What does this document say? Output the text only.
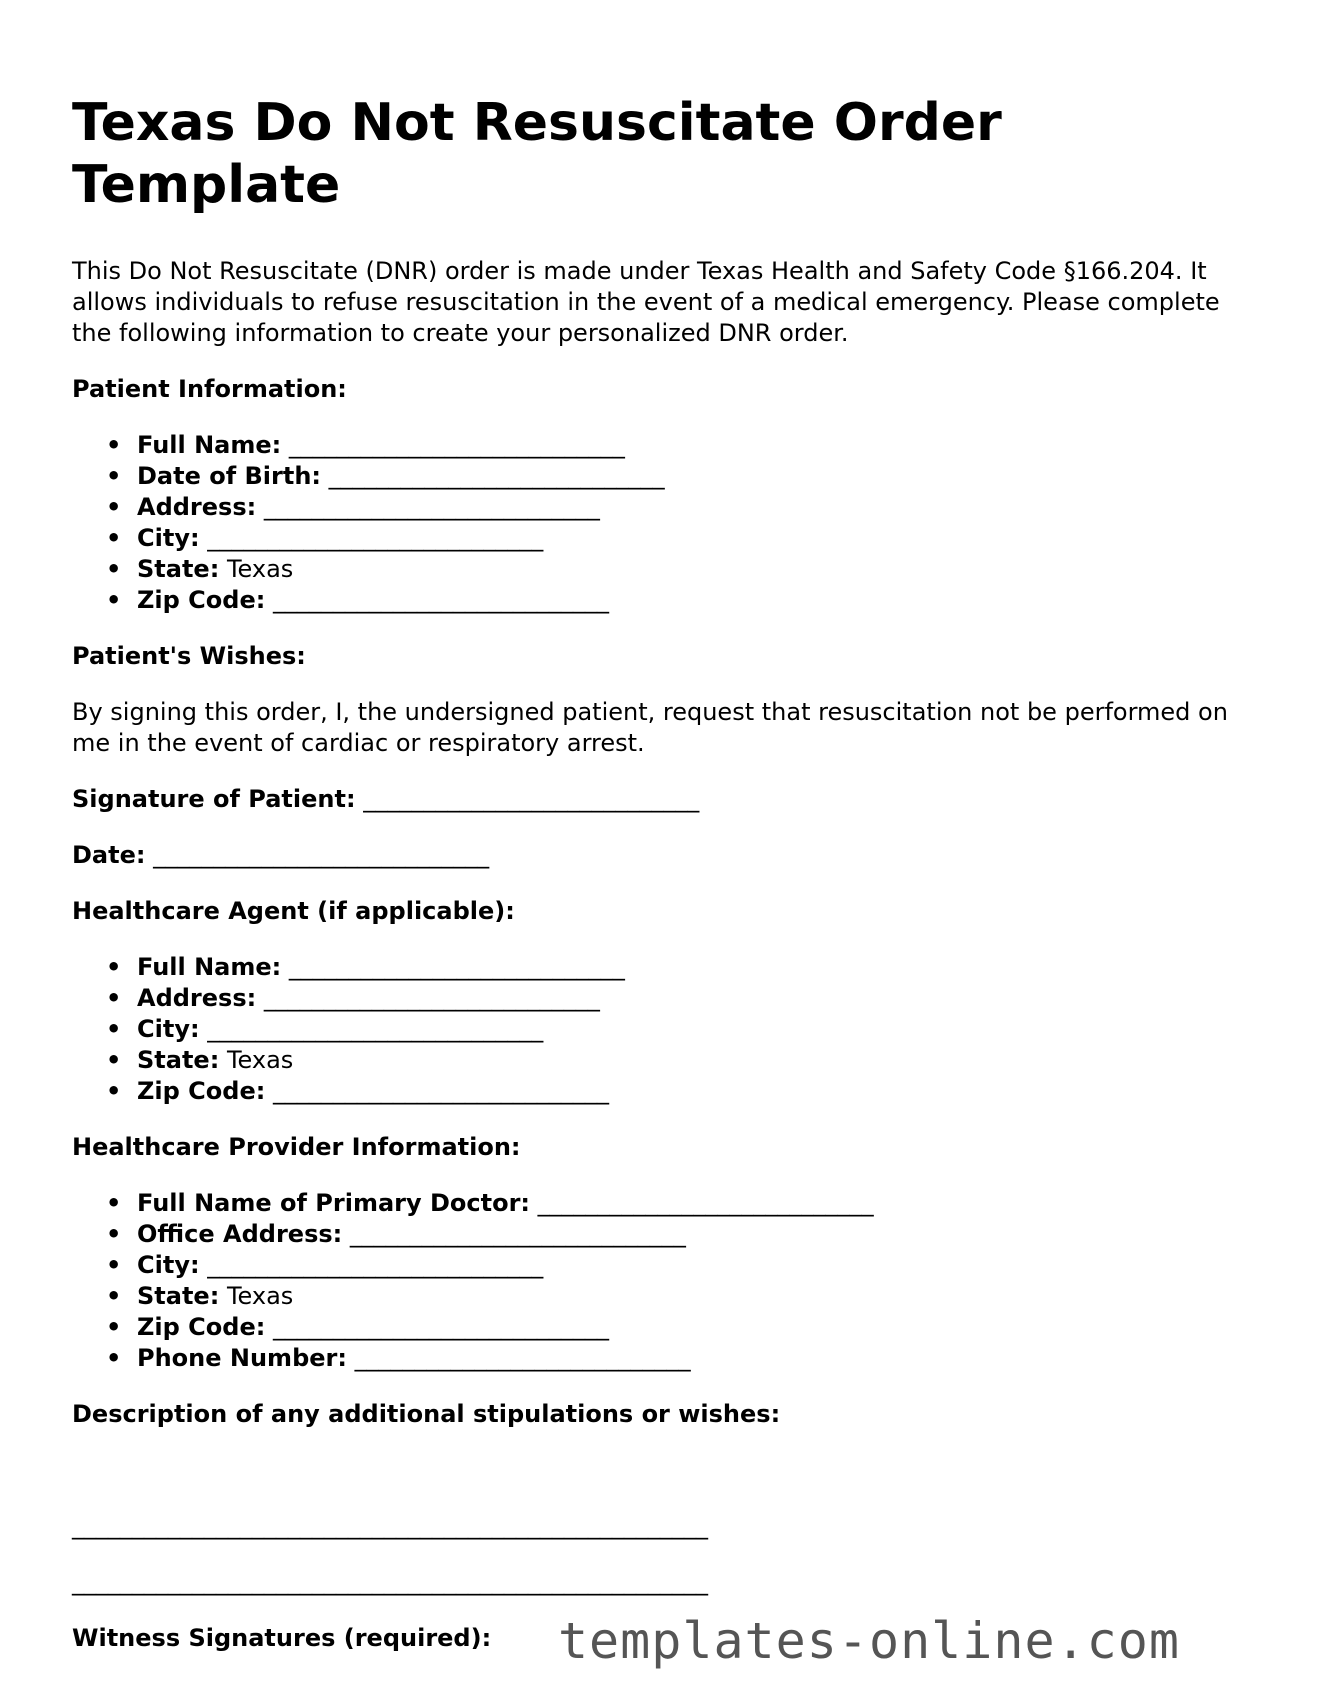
Texas Do Not Resuscitate Order Template

This Do Not Resuscitate (DNR) order is made under Texas Health and Safety Code §166.204. It allows individuals to refuse resuscitation in the event of a medical emergency. Please complete the following information to create your personalized DNR order.

Patient Information:
• Full Name: ____________________________
• Date of Birth: ____________________________
• Address: ____________________________
• City: ____________________________
• State: Texas
• Zip Code: ____________________________
Patient's Wishes:

By signing this order, I, the undersigned patient, request that resuscitation not be performed on me in the event of cardiac or respiratory arrest.

Signature of Patient: ____________________________
Date: ____________________________
Healthcare Agent (if applicable):
• Full Name: ____________________________
• Address: ____________________________
• City: ____________________________
• State: Texas
• Zip Code: ____________________________
Healthcare Provider Information:
• Full Name of Primary Doctor: ____________________________
• Office Address: ____________________________
• City: ____________________________
• State: Texas
• Zip Code: ____________________________
• Phone Number: ____________________________
Description of any additional stipulations or wishes:
_____________________________________________________
_____________________________________________________
Witness Signatures (required):	templates-online.com
